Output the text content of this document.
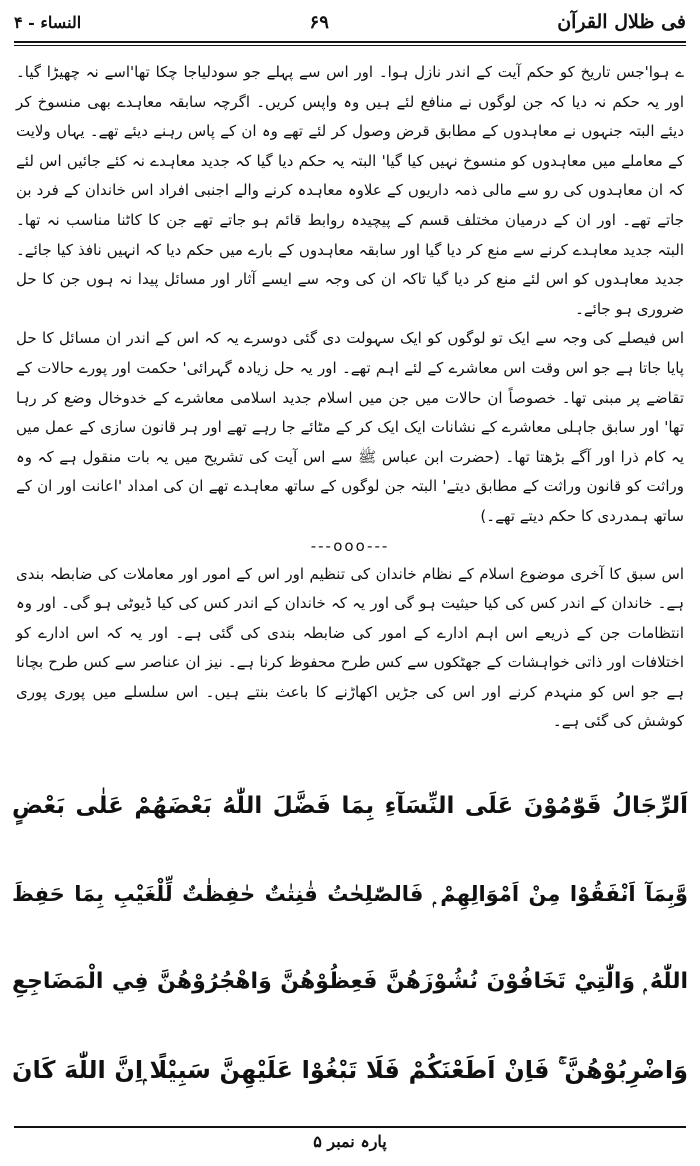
فی ظلال القرآن
۶۹
النساء - ۴

ے ہوا'جس تاریخ کو حکم آیت کے اندر نازل ہوا۔ اور اس سے پہلے جو سودلیاجا چکا تھا'اسے نہ چھیڑا گیا۔ اور یہ حکم نہ دیا کہ جن لوگوں نے منافع لئے ہیں وہ واپس کریں۔ اگرچہ سابقہ معاہدے بھی منسوخ کر دیئے البتہ جنہوں نے معاہدوں کے مطابق قرض وصول کر لئے تھے وہ ان کے پاس رہنے دیئے تھے۔ یہاں ولایت کے معاملے میں معاہدوں کو منسوخ نہیں کیا گیا' البتہ یہ حکم دیا گیا کہ جدید معاہدے نہ کئے جائیں اس لئے کہ ان معاہدوں کی رو سے مالی ذمہ داریوں کے علاوہ معاہدہ کرنے والے اجنبی افراد اس خاندان کے فرد بن جاتے تھے۔ اور ان کے درمیان مختلف قسم کے پیچیدہ روابط قائم ہو جاتے تھے جن کا کاٹنا مناسب نہ تھا۔ البتہ جدید معاہدے کرنے سے منع کر دیا گیا اور سابقہ معاہدوں کے بارے میں حکم دیا کہ انہیں نافذ کیا جائے۔ جدید معاہدوں کو اس لئے منع کر دیا گیا تاکہ ان کی وجہ سے ایسے آثار اور مسائل پیدا نہ ہوں جن کا حل ضروری ہو جائے۔

اس فیصلے کی وجہ سے ایک تو لوگوں کو ایک سہولت دی گئی دوسرے یہ کہ اس کے اندر ان مسائل کا حل پایا جاتا ہے جو اس وقت اس معاشرے کے لئے اہم تھے۔ اور یہ حل زیادہ گہرائی' حکمت اور پورے حالات کے تقاضے پر مبنی تھا۔ خصوصاً ان حالات میں جن میں اسلام جدید اسلامی معاشرے کے خدوخال وضع کر رہا تھا' اور سابق جاہلی معاشرے کے نشانات ایک ایک کر کے مٹائے جا رہے تھے اور ہر قانون سازی کے عمل میں یہ کام ذرا اور آگے بڑھتا تھا۔ (حضرت ابن عباس ﷺ سے اس آیت کی تشریح میں یہ بات منقول ہے کہ وہ وراثت کو قانون وراثت کے مطابق دیتے' البتہ جن لوگوں کے ساتھ معاہدے تھے ان کی امداد 'اعانت اور ان کے ساتھ ہمدردی کا حکم دیتے تھے۔)

---ooo---

اس سبق کا آخری موضوع اسلام کے نظام خاندان کی تنظیم اور اس کے امور اور معاملات کی ضابطہ بندی ہے۔ خاندان کے اندر کس کی کیا حیثیت ہو گی اور یہ کہ خاندان کے اندر کس کی کیا ڈیوٹی ہو گی۔ اور وہ انتظامات جن کے ذریعے اس اہم ادارے کے امور کی ضابطہ بندی کی گئی ہے۔ اور یہ کہ اس ادارے کو اختلافات اور ذاتی خواہشات کے جھٹکوں سے کس طرح محفوظ کرنا ہے۔ نیز ان عناصر سے کس طرح بچانا ہے جو اس کو منہدم کرنے اور اس کی جڑیں اکھاڑنے کا باعث بنتے ہیں۔ اس سلسلے میں پوری پوری کوشش کی گئی ہے۔

اَلرِّجَالُ قَوّٰمُوْنَ عَلَى النِّسَآءِ بِمَا فَضَّلَ اللّٰهُ بَعْضَهُمْ عَلٰى بَعْضٍ
وَّبِمَآ اَنْفَقُوْا مِنْ اَمْوَالِهِمْ ۭ فَالصّٰلِحٰتُ قٰنِتٰتٌ حٰفِظٰتٌ لِّلْغَيْبِ بِمَا حَفِظَ
اللّٰهُ ۭ وَالّٰتِيْ تَخَافُوْنَ نُشُوْزَهُنَّ فَعِظُوْهُنَّ وَاهْجُرُوْهُنَّ فِي الْمَضَاجِعِ
وَاضْرِبُوْهُنَّ ۚ فَاِنْ اَطَعْنَكُمْ فَلَا تَبْغُوْا عَلَيْهِنَّ سَبِيْلًا ۭاِنَّ اللّٰهَ كَانَ
پارہ نمبر ۵
